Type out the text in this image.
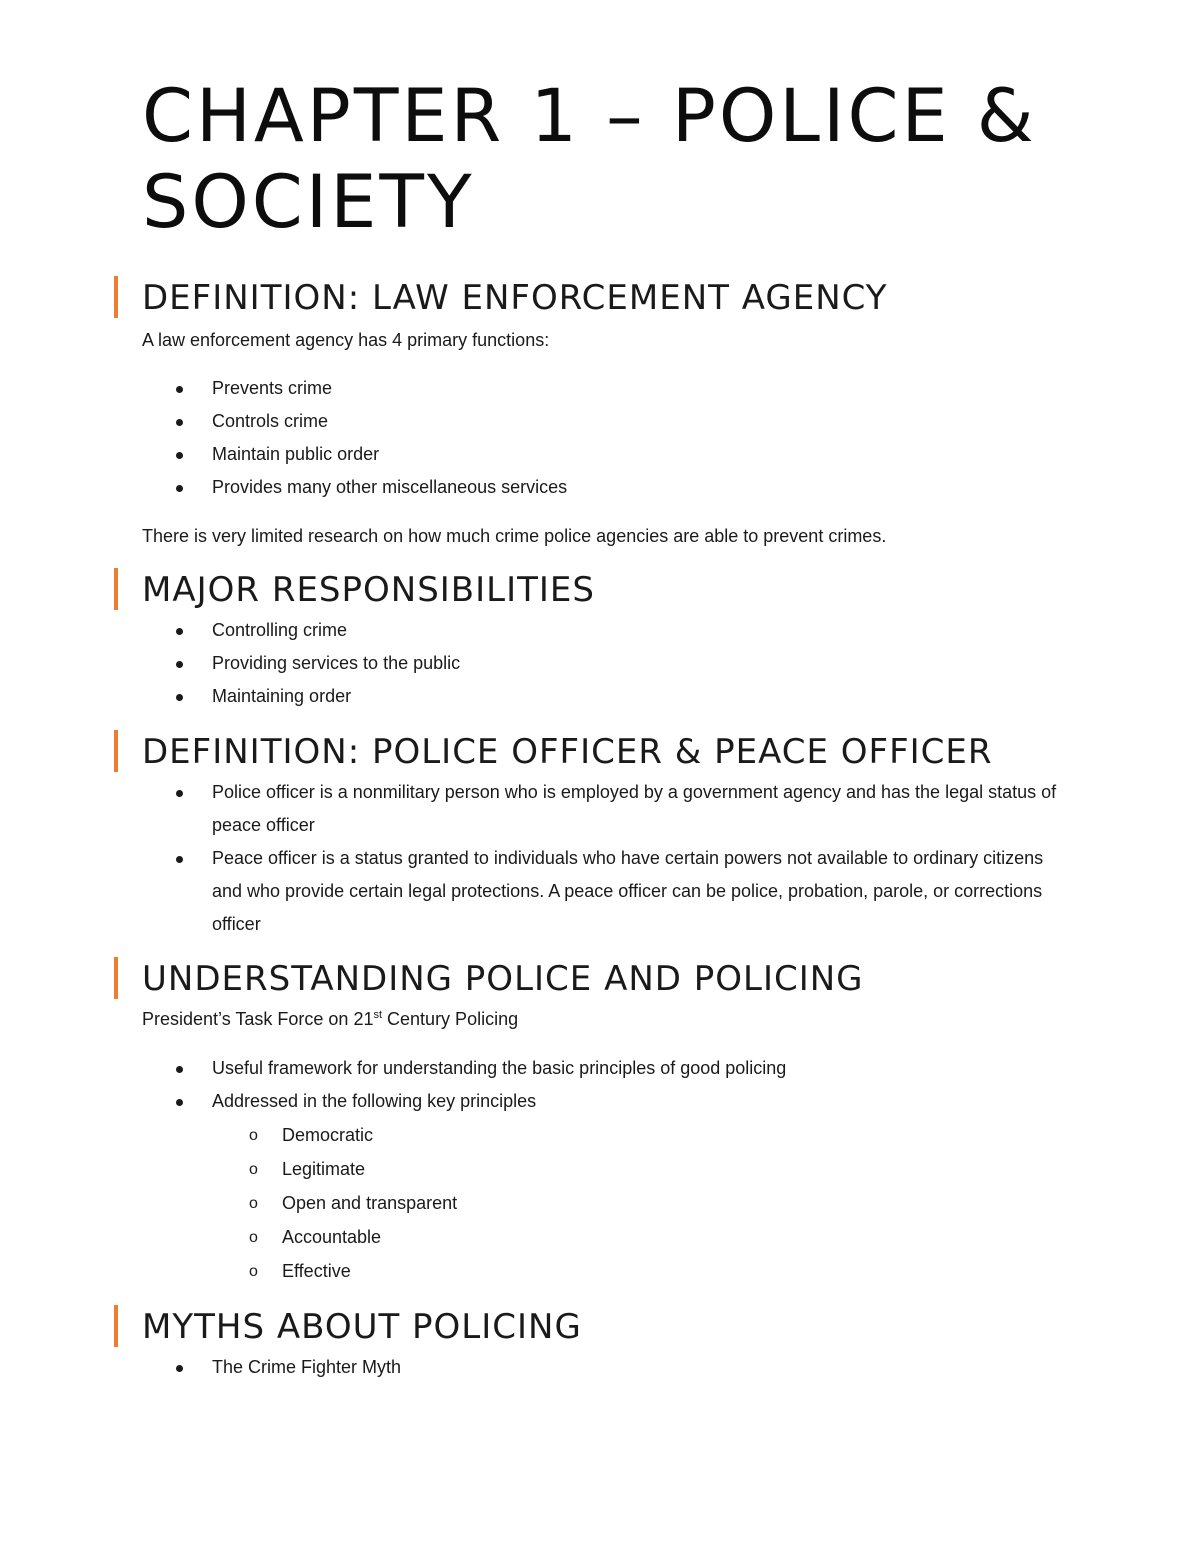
CHAPTER 1 – POLICE & SOCIETY
DEFINITION: LAW ENFORCEMENT AGENCY

A law enforcement agency has 4 primary functions:

Prevents crime
Controls crime
Maintain public order
Provides many other miscellaneous services

There is very limited research on how much crime police agencies are able to prevent crimes.

MAJOR RESPONSIBILITIES
Controlling crime
Providing services to the public
Maintaining order
DEFINITION: POLICE OFFICER & PEACE OFFICER
Police officer is a nonmilitary person who is employed by a government agency and has the legal status of peace officer
Peace officer is a status granted to individuals who have certain powers not available to ordinary citizens and who provide certain legal protections. A peace officer can be police, probation, parole, or corrections officer
UNDERSTANDING POLICE AND POLICING

President’s Task Force on 21st Century Policing

Useful framework for understanding the basic principles of good policing
Addressed in the following key principles
o Democratic
o Legitimate
o Open and transparent
o Accountable
o Effective
MYTHS ABOUT POLICING
The Crime Fighter Myth
